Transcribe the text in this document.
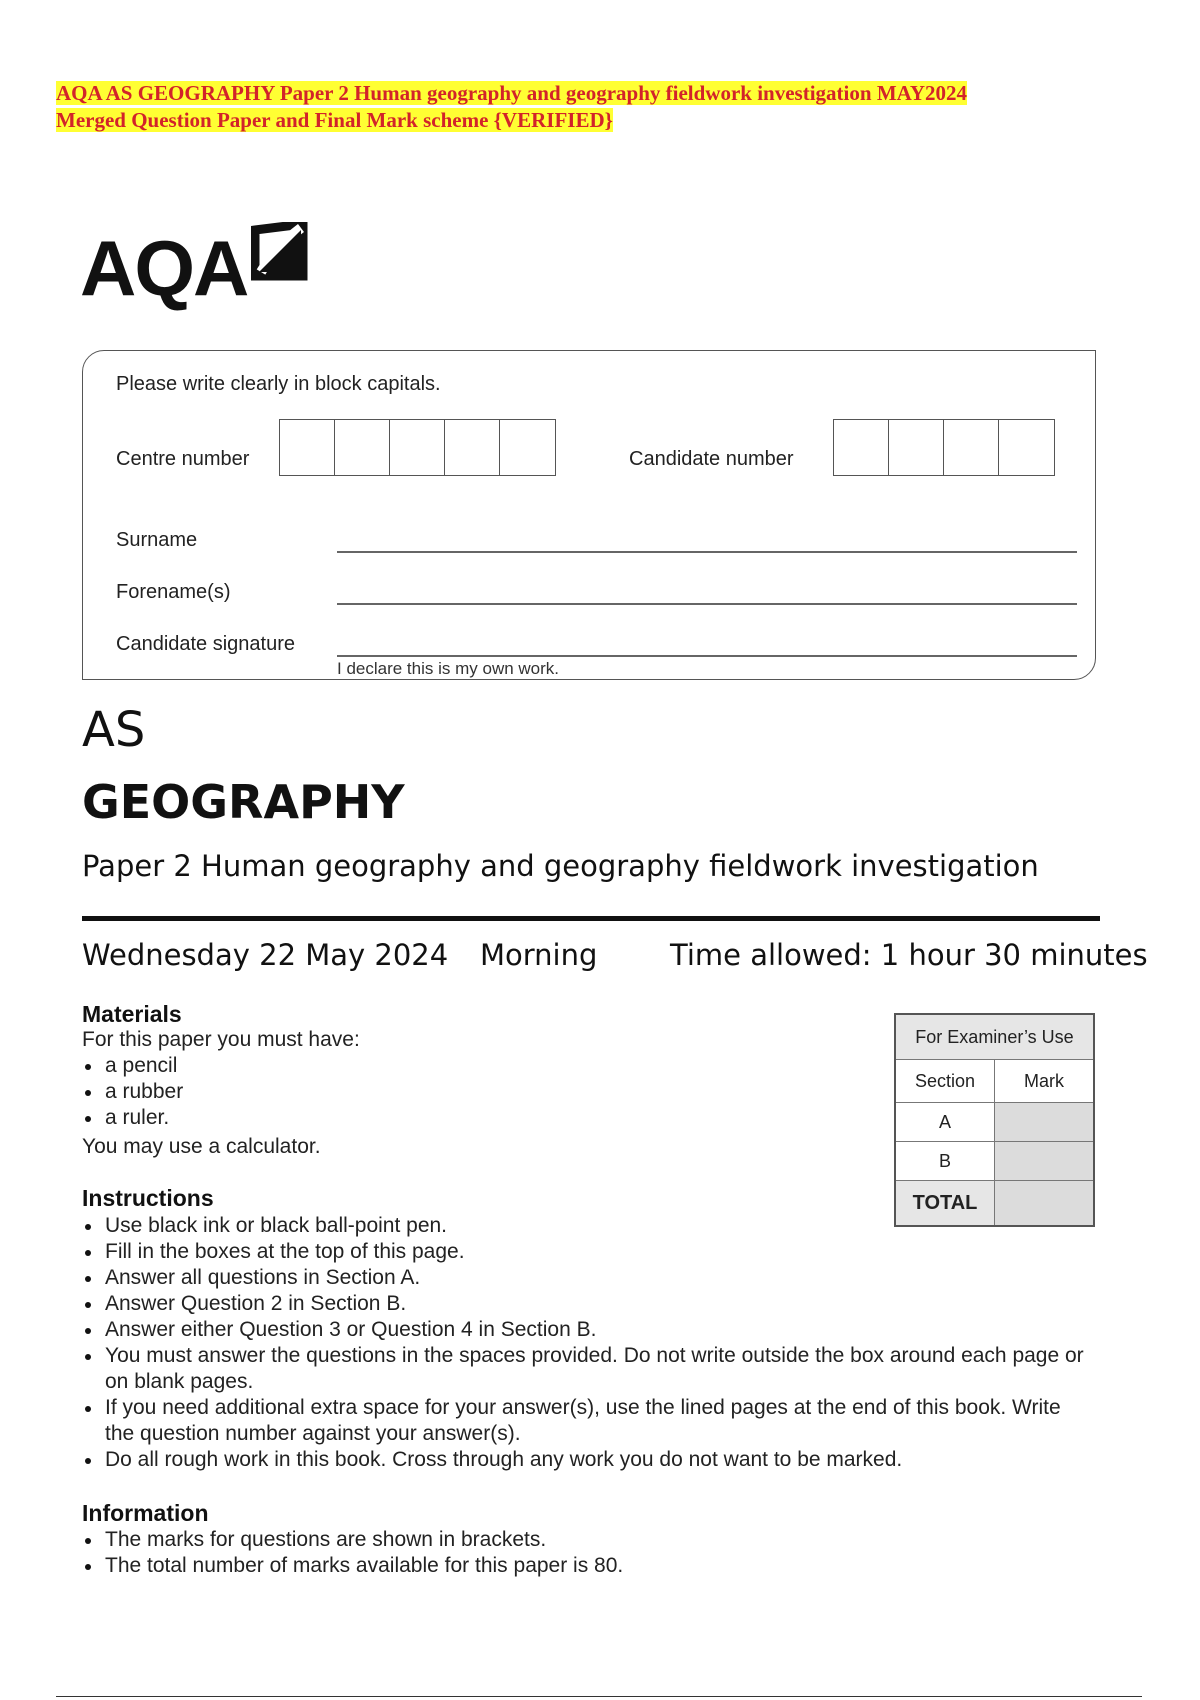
AQA AS GEOGRAPHY Paper 2 Human geography and geography fieldwork investigation MAY2024
Merged Question Paper and Final Mark scheme {VERIFIED}
AQA
Please write clearly in block capitals.
Centre number	Candidate number
Surname
Forename(s)
Candidate signature
I declare this is my own work.
AS
GEOGRAPHY
Paper 2 Human geography and geography fieldwork investigation
Wednesday 22 May 2024 Morning	Time allowed: 1 hour 30 minutes
Materials
For this paper you must have:
a pencil
a rubber
a ruler.
You may use a calculator.
For Examiner’s Use	
Section	Mark
A	
B	
TOTAL	
Instructions
Use black ink or black ball-point pen.
Fill in the boxes at the top of this page.
Answer all questions in Section A.
Answer Question 2 in Section B.
Answer either Question 3 or Question 4 in Section B.
You must answer the questions in the spaces provided. Do not write outside the box around each page or on blank pages.
If you need additional extra space for your answer(s), use the lined pages at the end of this book. Write the question number against your answer(s).
Do all rough work in this book. Cross through any work you do not want to be marked.
Information
The marks for questions are shown in brackets.
The total number of marks available for this paper is 80.
